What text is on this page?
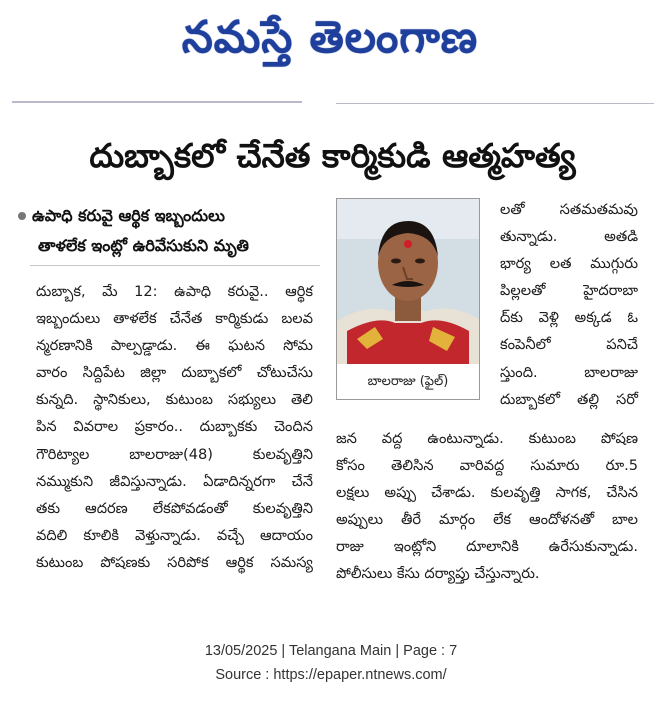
నమస్తే తెలంగాణ
దుబ్బాకలో చేనేత కార్మికుడి ఆత్మహత్య
ఉపాధి కరువై ఆర్థిక ఇబ్బందులు
తాళలేక ఇంట్లో ఉరివేసుకుని మృతి
దుబ్బాక, మే 12: ఉపాధి కరువై.. ఆర్థిక
ఇబ్బందులు తాళలేక చేనేత కార్మికుడు బలవ
న్మరణానికి పాల్పడ్డాడు. ఈ ఘటన సోమ
వారం సిద్దిపేట జిల్లా దుబ్బాకలో చోటుచేసు
కున్నది. స్థానికులు, కుటుంబ సభ్యులు తెలి
పిన వివరాల ప్రకారం.. దుబ్బాకకు చెందిన
గౌరిట్యాల బాలరాజు(48) కులవృత్తిని
నమ్ముకుని జీవిస్తున్నాడు. ఏడాదిన్నరగా చేనే
తకు ఆదరణ లేకపోవడంతో కులవృత్తిని
వదిలి కూలికి వెళ్తున్నాడు. వచ్చే ఆదాయం
కుటుంబ పోషణకు సరిపోక ఆర్థిక సమస్య
బాలరాజు (ఫైల్)
లతో సతమతమవు
తున్నాడు. అతడి
భార్య లత ముగ్గురు
పిల్లలతో హైదరాబా
ద్‌కు వెళ్లి అక్కడ ఓ
కంపెనీలో పనిచే
స్తుంది. బాలరాజు
దుబ్బాకలో తల్లి సరో
జన వద్ద ఉంటున్నాడు. కుటుంబ పోషణ
కోసం తెలిసిన వారివద్ద సుమారు రూ.5
లక్షలు అప్పు చేశాడు. కులవృత్తి సాగక, చేసిన
అప్పులు తీరే మార్గం లేక ఆందోళనతో బాల
రాజు ఇంట్లోని దూలానికి ఉరేసుకున్నాడు.
పోలీసులు కేసు దర్యాప్తు చేస్తున్నారు.
13/05/2025 | Telangana Main | Page : 7
Source : https://epaper.ntnews.com/
